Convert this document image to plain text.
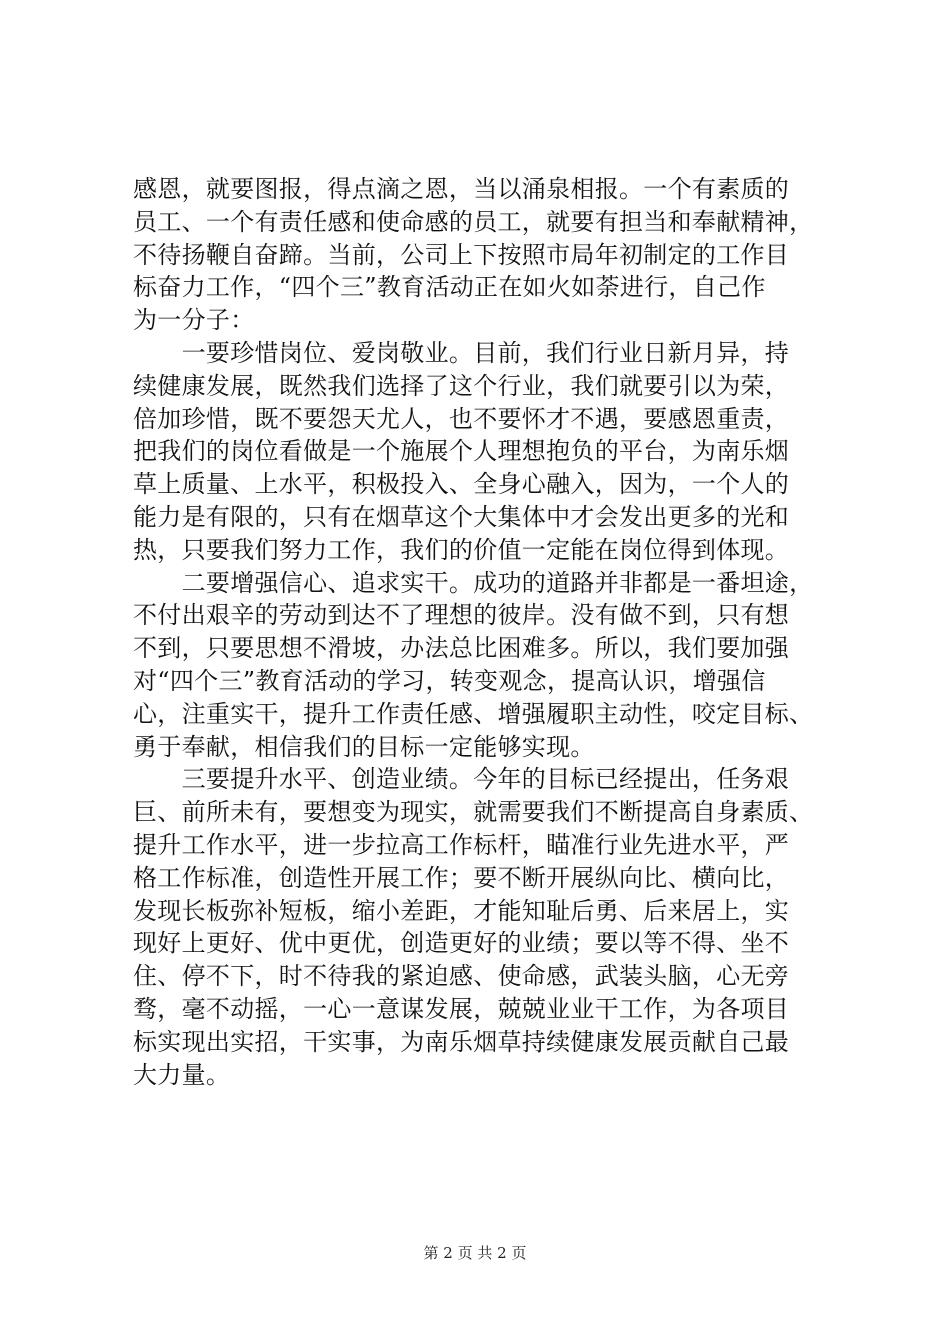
感恩，就要图报，得点滴之恩，当以涌泉相报。一个有素质的
员工、一个有责任感和使命感的员工，就要有担当和奉献精神，
不待扬鞭自奋蹄。当前，公司上下按照市局年初制定的工作目
标奋力工作，“四个三”教育活动正在如火如荼进行，自己作
为一分子：
　　一要珍惜岗位、爱岗敬业。目前，我们行业日新月异，持
续健康发展，既然我们选择了这个行业，我们就要引以为荣，
倍加珍惜，既不要怨天尤人，也不要怀才不遇，要感恩重责，
把我们的岗位看做是一个施展个人理想抱负的平台，为南乐烟
草上质量、上水平，积极投入、全身心融入，因为，一个人的
能力是有限的，只有在烟草这个大集体中才会发出更多的光和
热，只要我们努力工作，我们的价值一定能在岗位得到体现。
　　二要增强信心、追求实干。成功的道路并非都是一番坦途，
不付出艰辛的劳动到达不了理想的彼岸。没有做不到，只有想
不到，只要思想不滑坡，办法总比困难多。所以，我们要加强
对“四个三”教育活动的学习，转变观念，提高认识，增强信
心，注重实干，提升工作责任感、增强履职主动性，咬定目标、
勇于奉献，相信我们的目标一定能够实现。
　　三要提升水平、创造业绩。今年的目标已经提出，任务艰
巨、前所未有，要想变为现实，就需要我们不断提高自身素质、
提升工作水平，进一步拉高工作标杆，瞄准行业先进水平，严
格工作标准，创造性开展工作；要不断开展纵向比、横向比，
发现长板弥补短板，缩小差距，才能知耻后勇、后来居上，实
现好上更好、优中更优，创造更好的业绩；要以等不得、坐不
住、停不下，时不待我的紧迫感、使命感，武装头脑，心无旁
骛，毫不动摇，一心一意谋发展，兢兢业业干工作，为各项目
标实现出实招，干实事，为南乐烟草持续健康发展贡献自己最
大力量。
第 2 页 共 2 页
